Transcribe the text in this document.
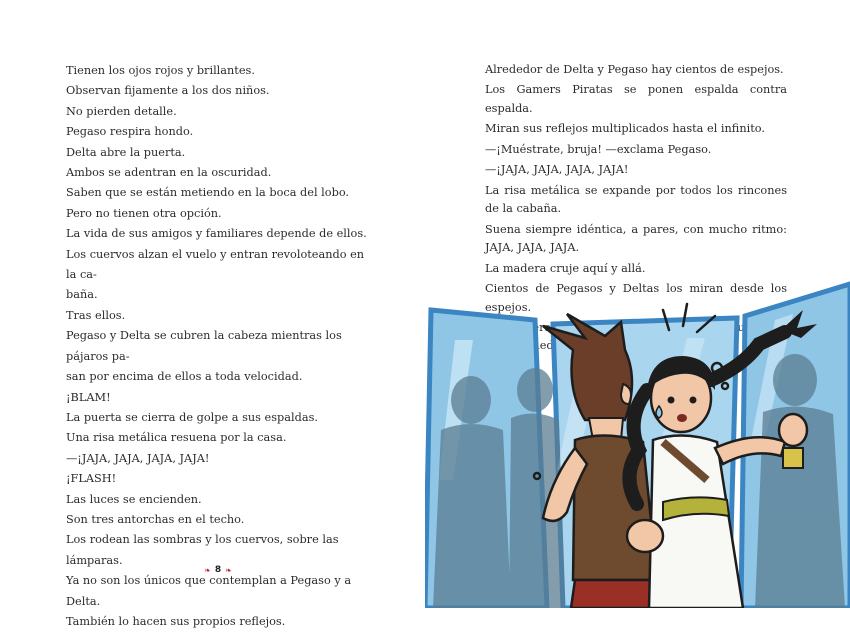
Tienen los ojos rojos y brillantes.

Observan fijamente a los dos niños.

No pierden detalle.

Pegaso respira hondo.

Delta abre la puerta.

Ambos se adentran en la oscuridad.

Saben que se están metiendo en la boca del lobo.

Pero no tienen otra opción.

La vida de sus amigos y familiares depende de ellos.

Los cuervos alzan el vuelo y entran revoloteando en la ca-

baña.

Tras ellos.

Pegaso y Delta se cubren la cabeza mientras los pájaros pa-

san por encima de ellos a toda velocidad.

¡BLAM!

La puerta se cierra de golpe a sus espaldas.

Una risa metálica resuena por la casa.

—¡JAJA, JAJA, JAJA, JAJA!

¡FLASH!

Las luces se encienden.

Son tres antorchas en el techo.

Los rodean las sombras y los cuervos, sobre las lámparas.

Ya no son los únicos que contemplan a Pegaso y a Delta.

También lo hacen sus propios reflejos.

❧ 8 ❧

Alrededor de Delta y Pegaso hay cientos de espejos.

Los Gamers Piratas se ponen espalda contra espalda.

Miran sus reflejos multiplicados hasta el infinito.

—¡Muéstrate, bruja! —exclama Pegaso.

—¡JAJA, JAJA, JAJA, JAJA!

La risa metálica se expande por todos los rincones de la cabaña.

Suena siempre idéntica, a pares, con mucho ritmo: JAJA, JAJA, JAJA.

La madera cruje aquí y allá.

Cientos de Pegasos y Deltas los miran desde los espejos.

que medio
